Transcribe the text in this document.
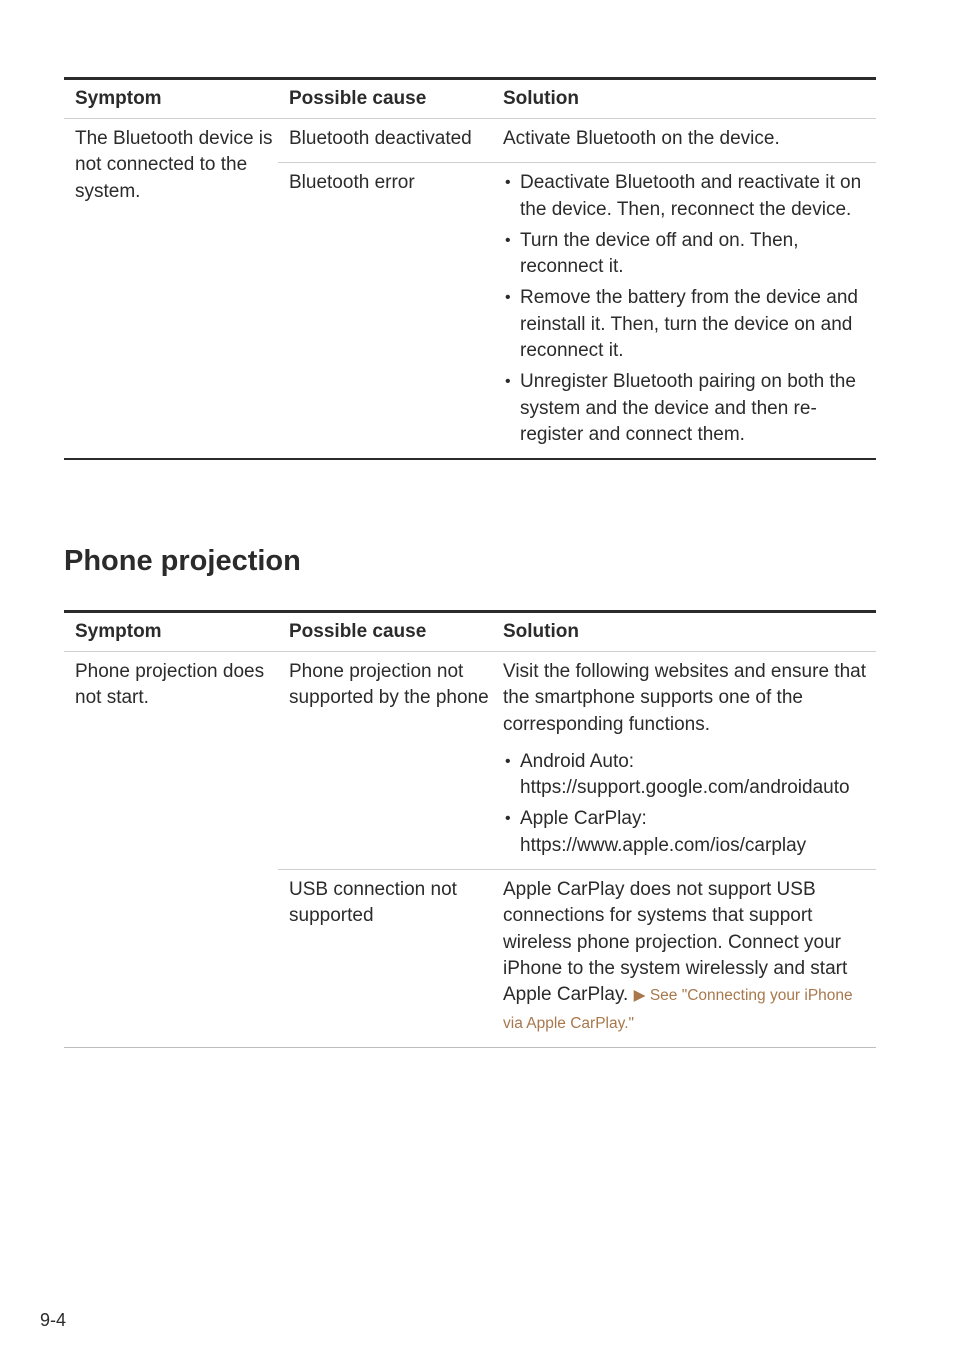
Symptom	Possible cause	Solution
The Bluetooth device is not connected to the system.
Bluetooth deactivated	Activate Bluetooth on the device.
Bluetooth error
•	Deactivate Bluetooth and reactivate it on the device. Then, reconnect the device.
• Turn the device off and on. Then, reconnect it.
• Remove the battery from the device and reinstall it. Then, turn the device on and reconnect it.
• Unregister Bluetooth pairing on both the system and the device and then re-register and connect them.
Phone projection
Symptom	Possible cause	Solution
Phone projection does not start.
Phone projection not supported by the phone

Visit the following websites and ensure that the smartphone supports one of the corresponding functions.

• Android Auto: https://support.google.com/androidauto
• Apple CarPlay: https://www.apple.com/ios/carplay
USB connection not supported
Apple CarPlay does not support USB connections for systems that support wireless phone projection. Connect your iPhone to the system wirelessly and start Apple CarPlay. ▶ See "Connecting your iPhone via Apple CarPlay."
9-4
